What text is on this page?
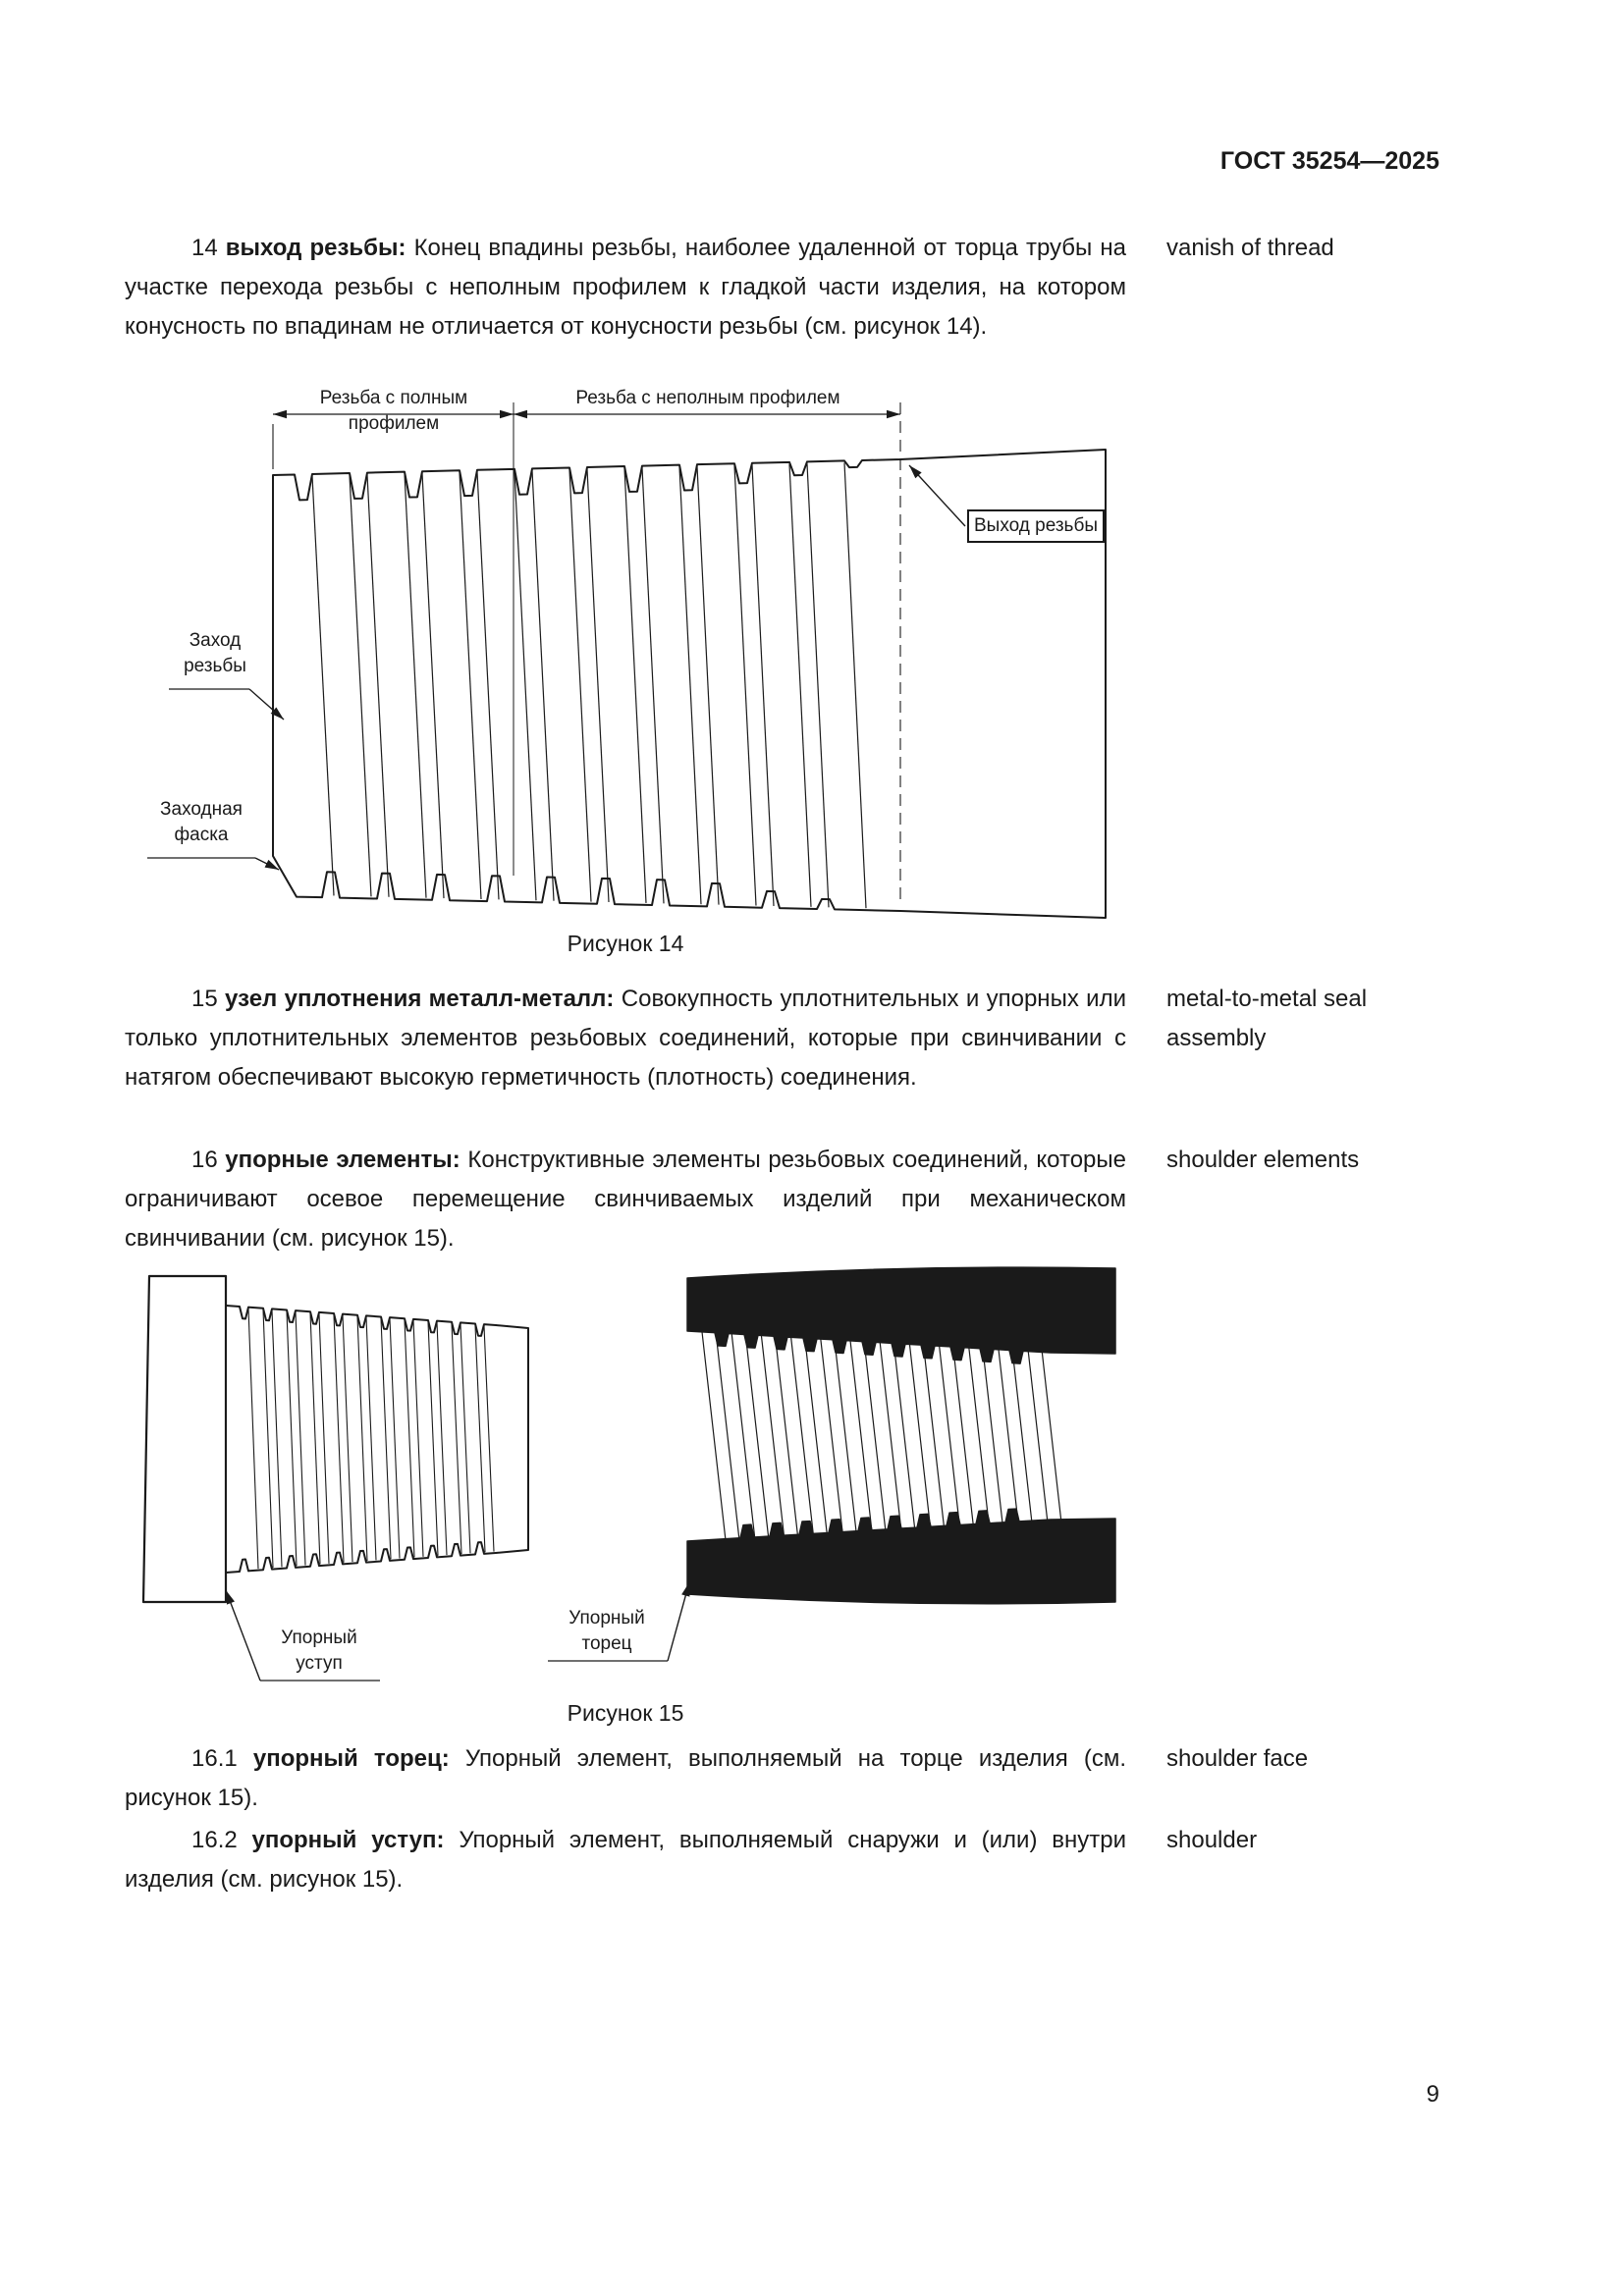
ГОСТ 35254—2025

14 выход резьбы: Конец впадины резьбы, наиболее удаленной от торца трубы на участке перехода резьбы с неполным профилем к гладкой части изделия, на котором конусность по впадинам не отличается от конусности резьбы (см. рисунок 14).

vanish of thread
Резьба с полным профилем
Резьба с неполным профилем
Выход резьбы
Заход
резьбы
Заходная
фаска
Рисунок 14

15 узел уплотнения металл-металл: Совокупность уплотнительных и упорных или только уплотнительных элементов резьбовых соединений, которые при свинчивании с натягом обеспечивают высокую герметичность (плотность) соединения.

metal-to-metal seal assembly

16 упорные элементы: Конструктивные элементы резьбовых соединений, которые ограничивают осевое перемещение свинчиваемых изделий при механическом свинчивании (см. рисунок 15).

shoulder elements
Упорный
уступ
Упорный
торец
Рисунок 15

16.1 упорный торец: Упорный элемент, выполняемый на торце изделия (см. рисунок 15).

shoulder face

16.2 упорный уступ: Упорный элемент, выполняемый снаружи и (или) внутри изделия (см. рисунок 15).

shoulder
9
